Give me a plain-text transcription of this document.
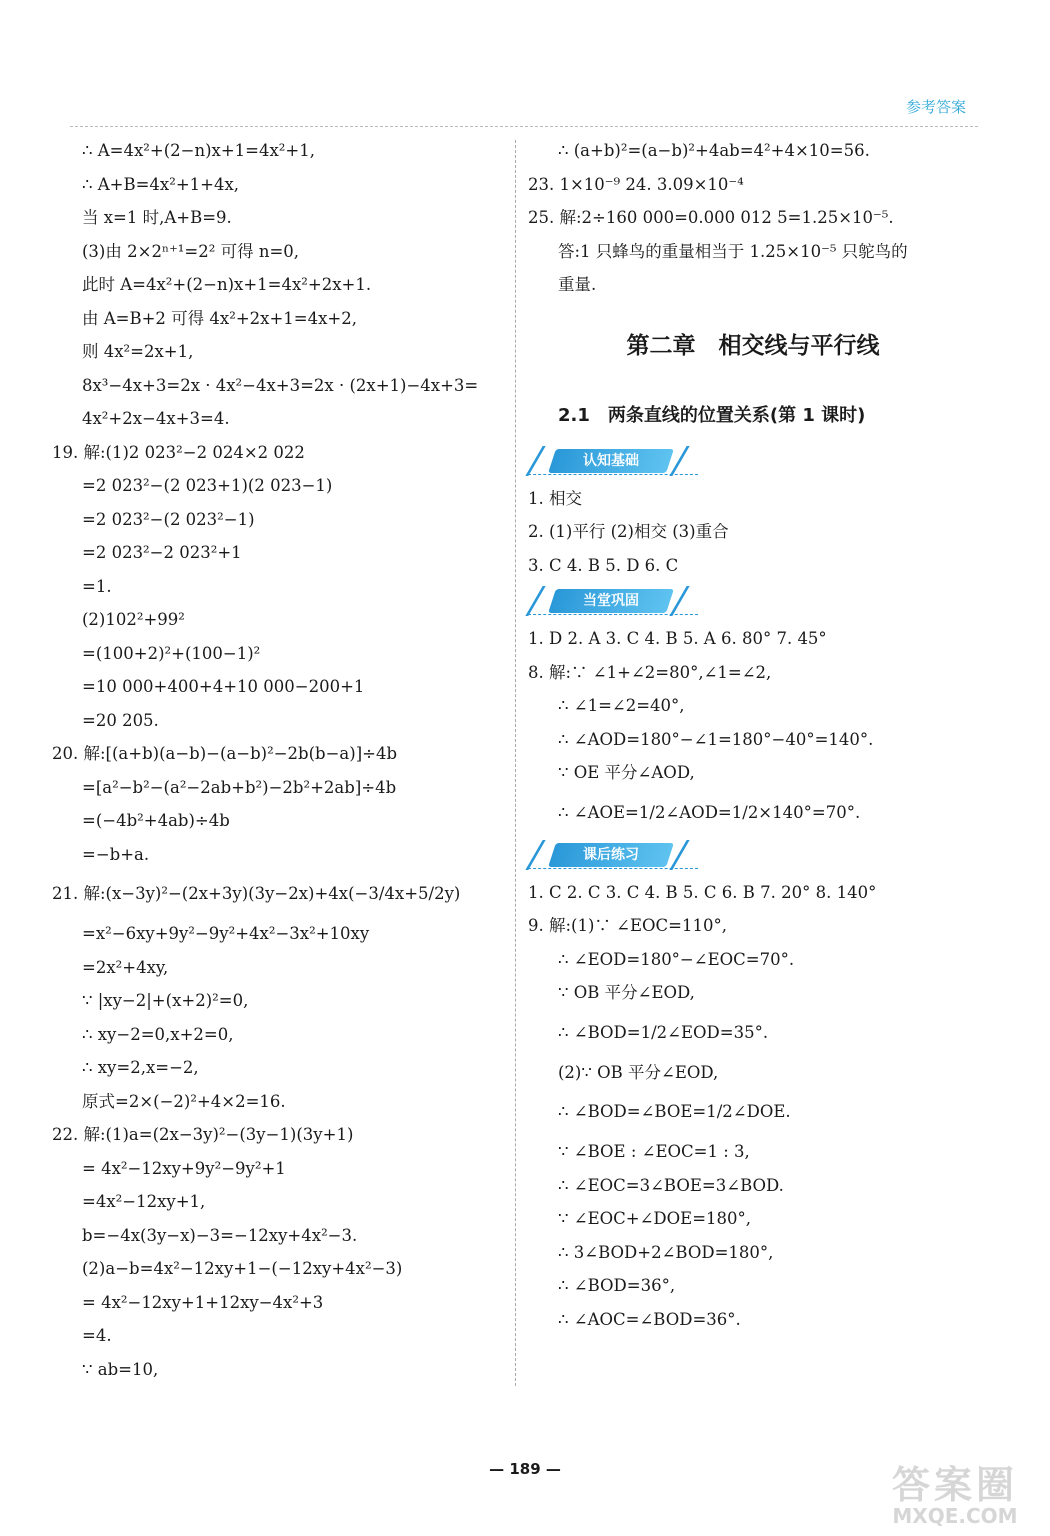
参考答案
∴ A=4x²+(2−n)x+1=4x²+1,
∴ A+B=4x²+1+4x,
当 x=1 时,A+B=9.
(3)由 2×2ⁿ⁺¹=2² 可得 n=0,
此时 A=4x²+(2−n)x+1=4x²+2x+1.
由 A=B+2 可得 4x²+2x+1=4x+2,
则 4x²=2x+1,
8x³−4x+3=2x · 4x²−4x+3=2x · (2x+1)−4x+3=
4x²+2x−4x+3=4.
19. 解:(1)2 023²−2 024×2 022
=2 023²−(2 023+1)(2 023−1)
=2 023²−(2 023²−1)
=2 023²−2 023²+1
=1.
(2)102²+99²
=(100+2)²+(100−1)²
=10 000+400+4+10 000−200+1
=20 205.
20. 解:[(a+b)(a−b)−(a−b)²−2b(b−a)]÷4b
=[a²−b²−(a²−2ab+b²)−2b²+2ab]÷4b
=(−4b²+4ab)÷4b
=−b+a.
21. 解:(x−3y)²−(2x+3y)(3y−2x)+4x(−3/4x+5/2y)
=x²−6xy+9y²−9y²+4x²−3x²+10xy
=2x²+4xy,
∵ |xy−2|+(x+2)²=0,
∴ xy−2=0,x+2=0,
∴ xy=2,x=−2,
原式=2×(−2)²+4×2=16.
22. 解:(1)a=(2x−3y)²−(3y−1)(3y+1)
= 4x²−12xy+9y²−9y²+1
=4x²−12xy+1,
b=−4x(3y−x)−3=−12xy+4x²−3.
(2)a−b=4x²−12xy+1−(−12xy+4x²−3)
= 4x²−12xy+1+12xy−4x²+3
=4.
∵ ab=10,
∴ (a+b)²=(a−b)²+4ab=4²+4×10=56.
23. 1×10⁻⁹ 24. 3.09×10⁻⁴
25. 解:2÷160 000=0.000 012 5=1.25×10⁻⁵.
答:1 只蜂鸟的重量相当于 1.25×10⁻⁵ 只鸵鸟的
重量.
第二章　相交线与平行线
2.1　两条直线的位置关系(第 1 课时)
认知基础
1. 相交
2. (1)平行 (2)相交 (3)重合
3. C 4. B 5. D 6. C
当堂巩固
1. D 2. A 3. C 4. B 5. A 6. 80° 7. 45°
8. 解:∵ ∠1+∠2=80°,∠1=∠2,
∴ ∠1=∠2=40°,
∴ ∠AOD=180°−∠1=180°−40°=140°.
∵ OE 平分∠AOD,
∴ ∠AOE=1/2∠AOD=1/2×140°=70°.
课后练习
1. C 2. C 3. C 4. B 5. C 6. B 7. 20° 8. 140°
9. 解:(1)∵ ∠EOC=110°,
∴ ∠EOD=180°−∠EOC=70°.
∵ OB 平分∠EOD,
∴ ∠BOD=1/2∠EOD=35°.
(2)∵ OB 平分∠EOD,
∴ ∠BOD=∠BOE=1/2∠DOE.
∵ ∠BOE : ∠EOC=1 : 3,
∴ ∠EOC=3∠BOE=3∠BOD.
∵ ∠EOC+∠DOE=180°,
∴ 3∠BOD+2∠BOD=180°,
∴ ∠BOD=36°,
∴ ∠AOC=∠BOD=36°.
— 189 —	答案圈
MXQE.COM
